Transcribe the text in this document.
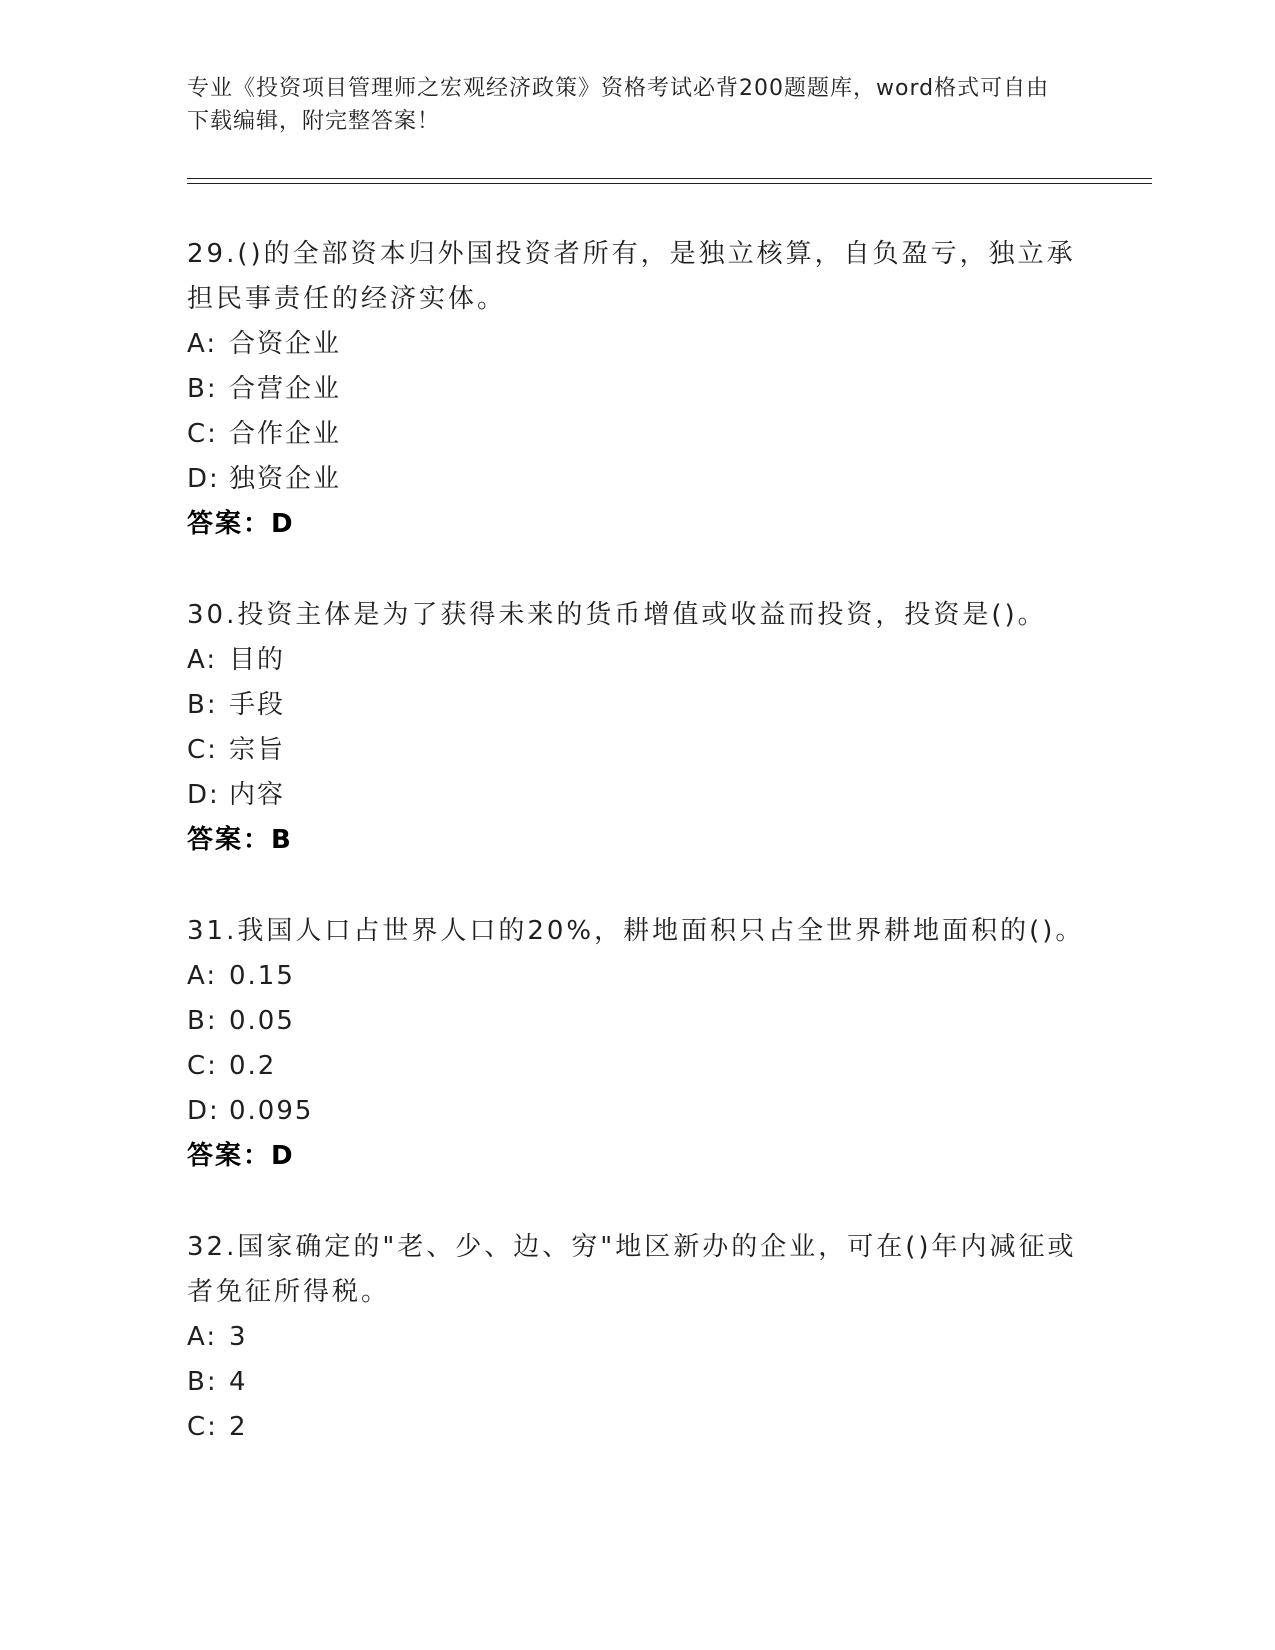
专业《投资项目管理师之宏观经济政策》资格考试必背200题题库，word格式可自由下载编辑，附完整答案！
29.()的全部资本归外国投资者所有，是独立核算，自负盈亏，独立承担民事责任的经济实体。
A: 合资企业
B: 合营企业
C: 合作企业
D: 独资企业
答案：D
30.投资主体是为了获得未来的货币增值或收益而投资，投资是()。
A: 目的
B: 手段
C: 宗旨
D: 内容
答案：B
31.我国人口占世界人口的20%，耕地面积只占全世界耕地面积的()。
A: 0.15
B: 0.05
C: 0.2
D: 0.095
答案：D
32.国家确定的"老、少、边、穷"地区新办的企业，可在()年内减征或者免征所得税。
A: 3
B: 4
C: 2
